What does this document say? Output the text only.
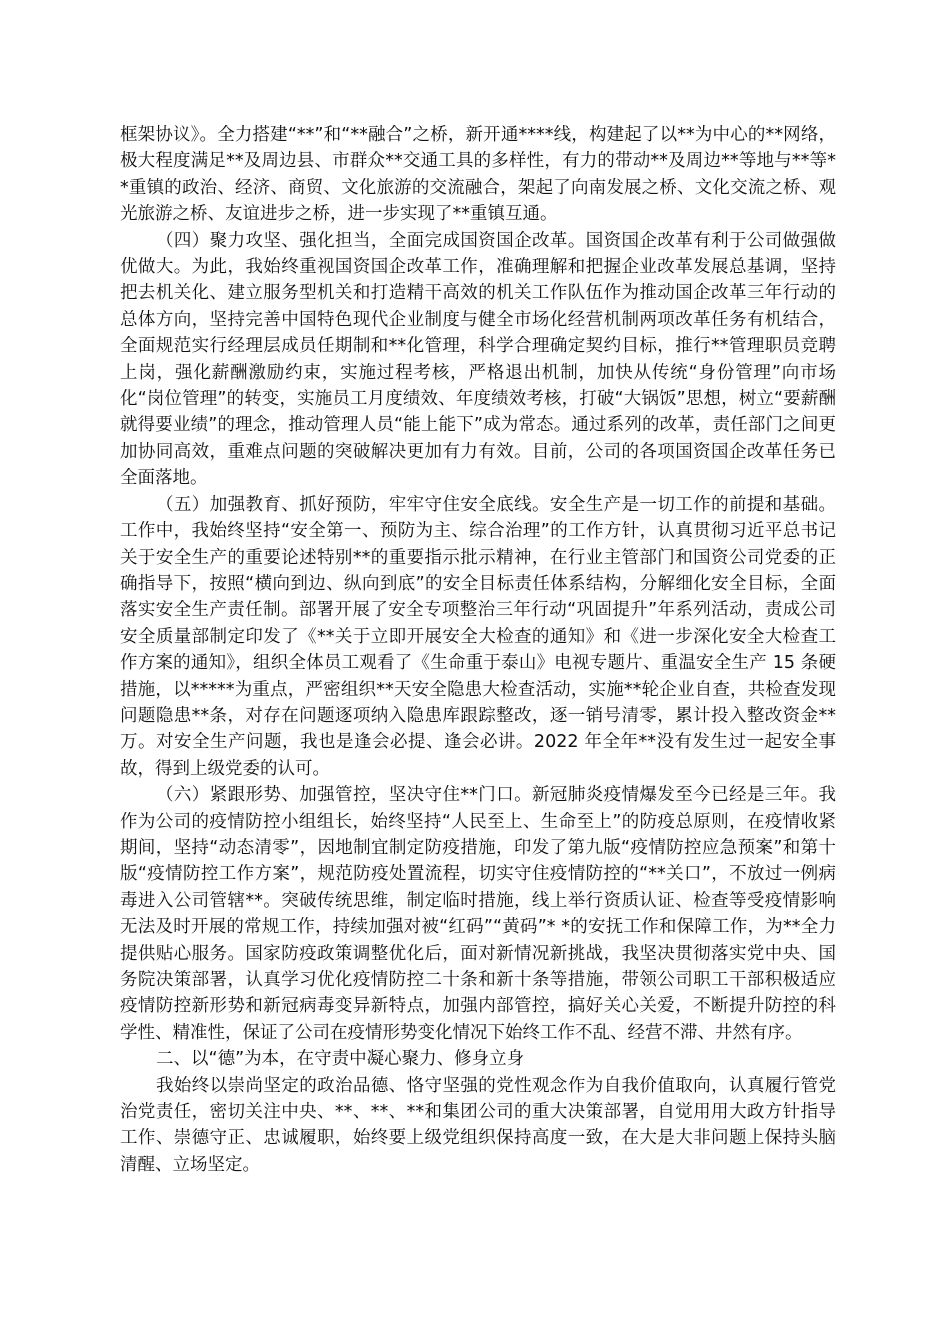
框架协议》。全力搭建“**”和“**融合”之桥，新开通****线，构建起了以**为中心的**网络，极大程度满足**及周边县、市群众**交通工具的多样性，有力的带动**及周边**等地与**等**重镇的政治、经济、商贸、文化旅游的交流融合，架起了向南发展之桥、文化交流之桥、观光旅游之桥、友谊进步之桥，进一步实现了**重镇互通。

（四）聚力攻坚、强化担当，全面完成国资国企改革。国资国企改革有利于公司做强做优做大。为此，我始终重视国资国企改革工作，准确理解和把握企业改革发展总基调，坚持把去机关化、建立服务型机关和打造精干高效的机关工作队伍作为推动国企改革三年行动的总体方向，坚持完善中国特色现代企业制度与健全市场化经营机制两项改革任务有机结合，全面规范实行经理层成员任期制和**化管理，科学合理确定契约目标，推行**管理职员竞聘上岗，强化薪酬激励约束，实施过程考核，严格退出机制，加快从传统“身份管理”向市场化“岗位管理”的转变，实施员工月度绩效、年度绩效考核，打破“大锅饭”思想，树立“要薪酬就得要业绩”的理念，推动管理人员“能上能下”成为常态。通过系列的改革，责任部门之间更加协同高效，重难点问题的突破解决更加有力有效。目前，公司的各项国资国企改革任务已全面落地。

（五）加强教育、抓好预防，牢牢守住安全底线。安全生产是一切工作的前提和基础。工作中，我始终坚持“安全第一、预防为主、综合治理”的工作方针，认真贯彻习近平总书记关于安全生产的重要论述特别**的重要指示批示精神，在行业主管部门和国资公司党委的正确指导下，按照“横向到边、纵向到底”的安全目标责任体系结构，分解细化安全目标，全面落实安全生产责任制。部署开展了安全专项整治三年行动“巩固提升”年系列活动，责成公司安全质量部制定印发了《**关于立即开展安全大检查的通知》和《进一步深化安全大检查工作方案的通知》，组织全体员工观看了《生命重于泰山》电视专题片、重温安全生产 15 条硬措施，以*****为重点，严密组织**天安全隐患大检查活动，实施**轮企业自查，共检查发现问题隐患**条，对存在问题逐项纳入隐患库跟踪整改，逐一销号清零，累计投入整改资金**万。对安全生产问题，我也是逢会必提、逢会必讲。2022 年全年**没有发生过一起安全事故，得到上级党委的认可。

（六）紧跟形势、加强管控，坚决守住**门口。新冠肺炎疫情爆发至今已经是三年。我作为公司的疫情防控小组组长，始终坚持“人民至上、生命至上”的防疫总原则，在疫情收紧期间，坚持“动态清零”，因地制宜制定防疫措施，印发了第九版“疫情防控应急预案”和第十版“疫情防控工作方案”，规范防疫处置流程，切实守住疫情防控的“**关口”，不放过一例病毒进入公司管辖**。突破传统思维，制定临时措施，线上举行资质认证、检查等受疫情影响无法及时开展的常规工作，持续加强对被“红码”“黄码”* *的安抚工作和保障工作，为**全力提供贴心服务。国家防疫政策调整优化后，面对新情况新挑战，我坚决贯彻落实党中央、国务院决策部署，认真学习优化疫情防控二十条和新十条等措施，带领公司职工干部积极适应疫情防控新形势和新冠病毒变异新特点，加强内部管控，搞好关心关爱，不断提升防控的科学性、精准性，保证了公司在疫情形势变化情况下始终工作不乱、经营不滞、井然有序。

二、以“德”为本，在守责中凝心聚力、修身立身

我始终以崇尚坚定的政治品德、恪守坚强的党性观念作为自我价值取向，认真履行管党治党责任，密切关注中央、**、**、**和集团公司的重大决策部署，自觉用用大政方针指导工作、崇德守正、忠诚履职，始终要上级党组织保持高度一致，在大是大非问题上保持头脑清醒、立场坚定。
